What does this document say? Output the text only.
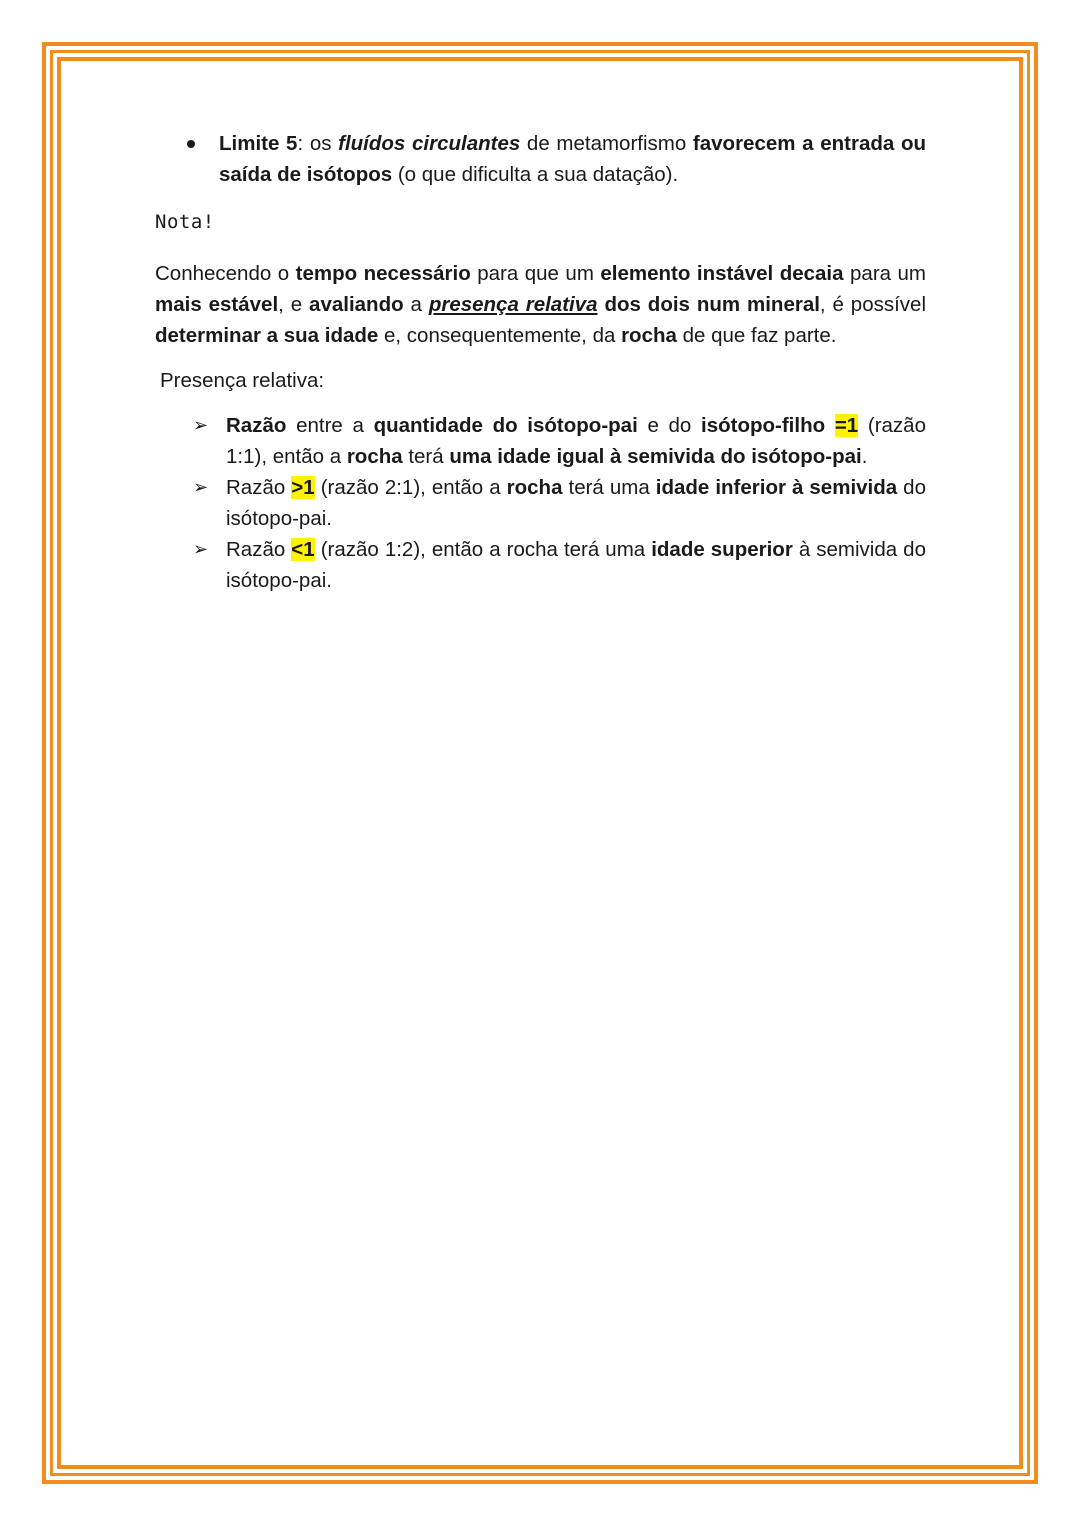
Limite 5: os fluídos circulantes de metamorfismo favorecem a entrada ou saída de isótopos (o que dificulta a sua datação).
Nota!
Conhecendo o tempo necessário para que um elemento instável decaia para um mais estável, e avaliando a presença relativa dos dois num mineral, é possível determinar a sua idade e, consequentemente, da rocha de que faz parte.
Presença relativa:
➢ Razão entre a quantidade do isótopo-pai e do isótopo-filho =1 (razão 1:1), então a rocha terá uma idade igual à semivida do isótopo-pai.
➢ Razão >1 (razão 2:1), então a rocha terá uma idade inferior à semivida do isótopo-pai.
➢ Razão <1 (razão 1:2), então a rocha terá uma idade superior à semivida do isótopo-pai.
